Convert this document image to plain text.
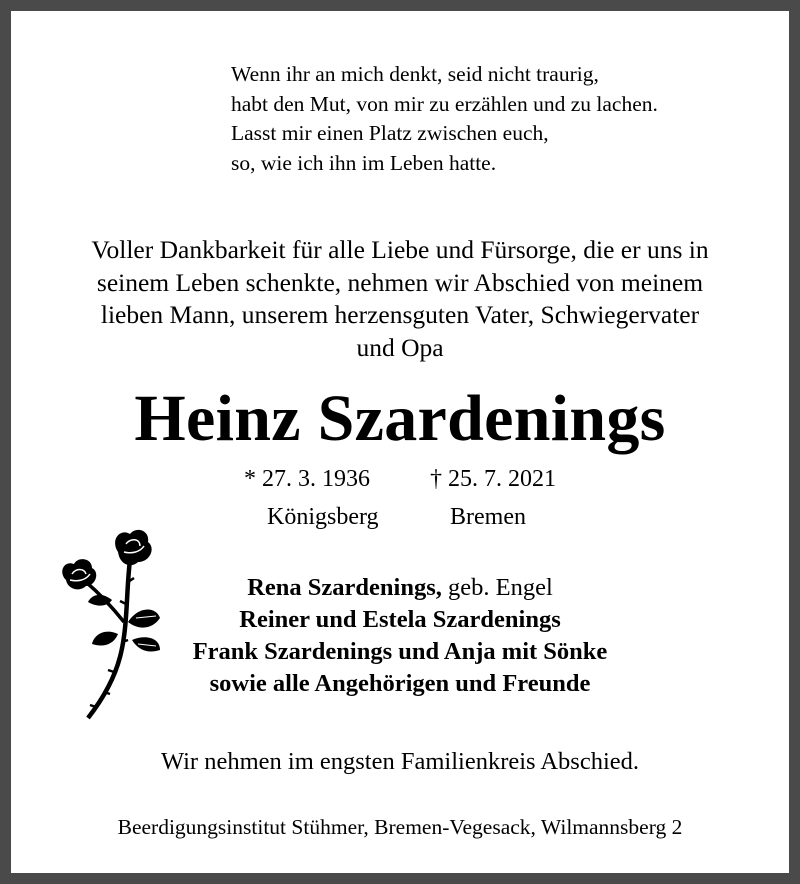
Wenn ihr an mich denkt, seid nicht traurig,
habt den Mut, von mir zu erzählen und zu lachen.
Lasst mir einen Platz zwischen euch,
so, wie ich ihn im Leben hatte.
Voller Dankbarkeit für alle Liebe und Fürsorge, die er uns in
seinem Leben schenkte, nehmen wir Abschied von meinem
lieben Mann, unserem herzensguten Vater, Schwiegervater
und Opa
Heinz Szardenings
* 27. 3. 1936	† 25. 7. 2021
Königsberg	Bremen
Rena Szardenings, geb. Engel
Reiner und Estela Szardenings
Frank Szardenings und Anja mit Sönke
sowie alle Angehörigen und Freunde
Wir nehmen im engsten Familienkreis Abschied.
Beerdigungsinstitut Stühmer, Bremen-Vegesack, Wilmannsberg 2
